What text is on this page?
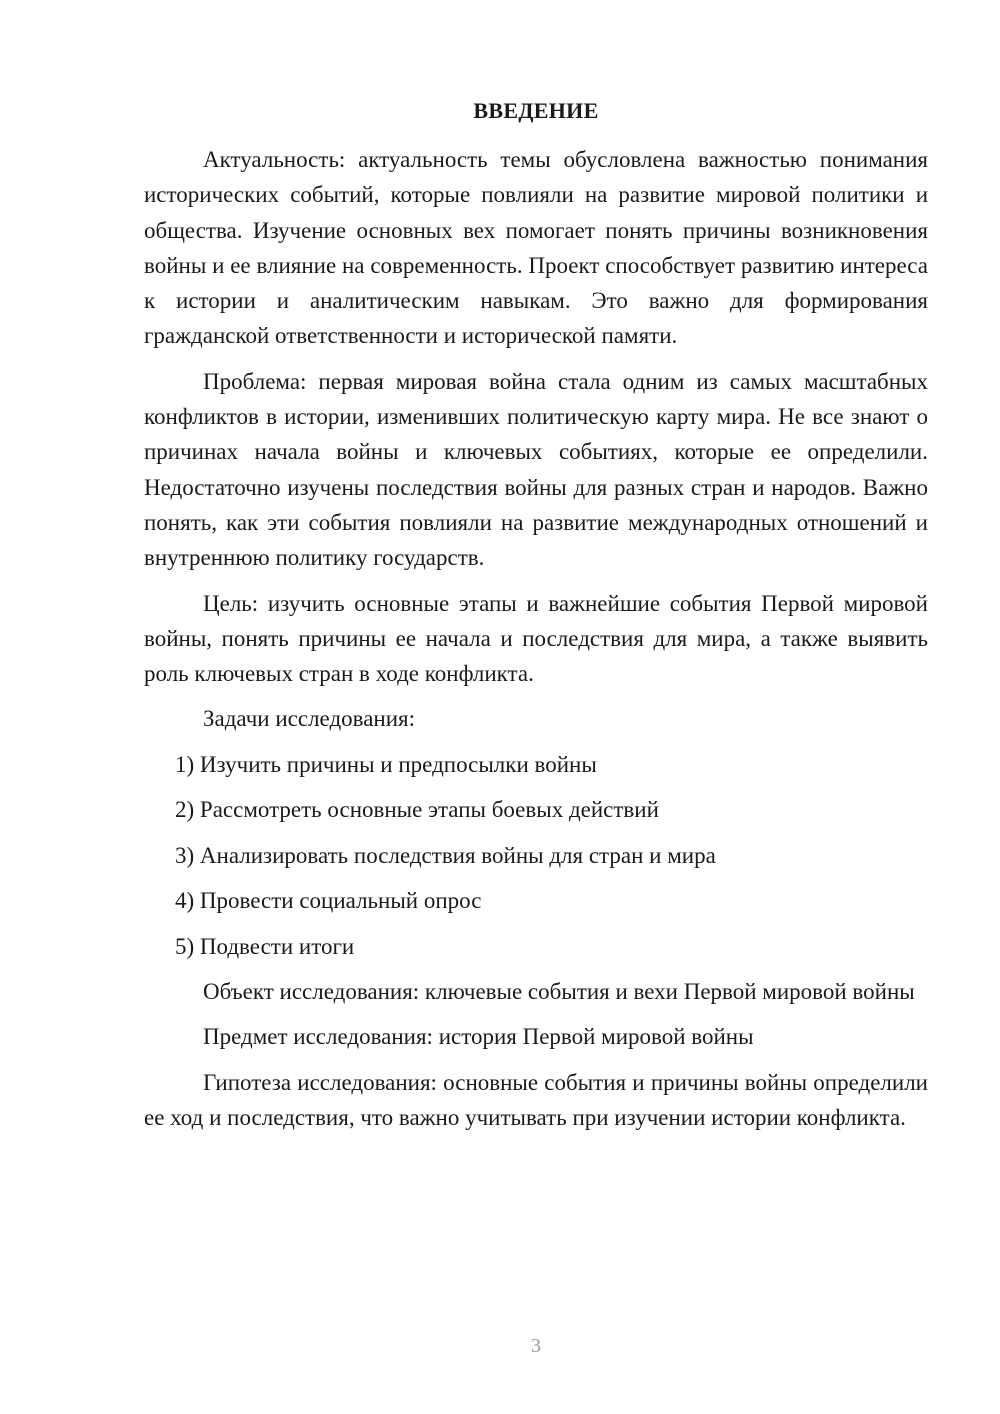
ВВЕДЕНИЕ

Актуальность: актуальность темы обусловлена важностью понимания исторических событий, которые повлияли на развитие мировой политики и общества. Изучение основных вех помогает понять причины возникновения войны и ее влияние на современность. Проект способствует развитию интереса к истории и аналитическим навыкам. Это важно для формирования гражданской ответственности и исторической памяти.

Проблема: первая мировая война стала одним из самых масштабных конфликтов в истории, изменивших политическую карту мира. Не все знают о причинах начала войны и ключевых событиях, которые ее определили. Недостаточно изучены последствия войны для разных стран и народов. Важно понять, как эти события повлияли на развитие международных отношений и внутреннюю политику государств.

Цель: изучить основные этапы и важнейшие события Первой мировой войны, понять причины ее начала и последствия для мира, а также выявить роль ключевых стран в ходе конфликта.

Задачи исследования:

1) Изучить причины и предпосылки войны
2) Рассмотреть основные этапы боевых действий
3) Анализировать последствия войны для стран и мира
4) Провести социальный опрос
5) Подвести итоги

Объект исследования: ключевые события и вехи Первой мировой войны

Предмет исследования: история Первой мировой войны

Гипотеза исследования: основные события и причины войны определили ее ход и последствия, что важно учитывать при изучении истории конфликта.

3
